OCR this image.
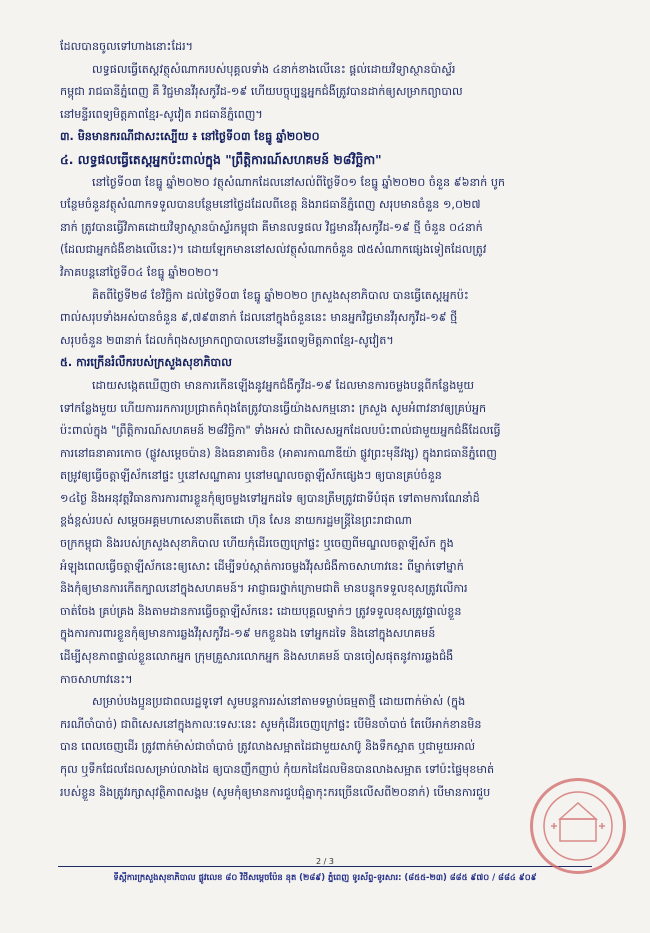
ដែលបានចូលទៅហាងនោះដែរ។
លទ្ធផលធ្វើតេស្តវត្ថុសំណាករបស់បុគ្គលទាំង ៤នាក់ខាងលើនេះ ផ្តល់ដោយវិទ្យាស្ថានប៉ាស្ទ័រ
កម្ពុជា រាជធានីភ្នំពេញ គឺ វិជ្ជមានវីរុសកូវីដ-១៩ ហើយបច្ចុប្បន្នអ្នកជំងឺត្រូវបានដាក់ឲ្យសម្រាកព្យាបាល
នៅមន្ទីរពេទ្យមិត្តភាពខ្មែរ-សូវៀត រាជធានីភ្នំពេញ។
៣. មិនមានករណីជាសះស្បើយ ៖ នៅថ្ងៃទី០៣ ខែធ្នូ ឆ្នាំ២០២០
៤. លទ្ធផលធ្វើតេស្តអ្នកប៉ះពាល់ក្នុង "ព្រឹត្តិការណ៍សហគមន៍ ២៨វិច្ឆិកា"
នៅថ្ងៃទី០៣ ខែធ្នូ ឆ្នាំ២០២០ វត្ថុសំណាកដែលនៅសល់ពីថ្ងៃទី០១ ខែធ្នូ ឆ្នាំ២០២០ ចំនួន ៩៦នាក់ បូក
បន្ថែមចំនួនវត្ថុសំណាកទទួលបានបន្ថែមនៅថ្ងៃដដែលពីខេត្ត និងរាជធានីភ្នំពេញ សរុបមានចំនួន ១,០២៧
នាក់ ត្រូវបានធ្វើវិភាគដោយវិទ្យាស្ថានប៉ាស្ទ័រកម្ពុជា គឺមានលទ្ធផល វិជ្ជមានវីរុសកូវីដ-១៩ ថ្មី ចំនួន ០៤នាក់
(ដែលជាអ្នកជំងឺខាងលើនេះ)។ ដោយឡែកមាននៅសល់វត្ថុសំណាកចំនួន ៧៥សំណាកផ្សេងទៀតដែលត្រូវ
វិភាគបន្តនៅថ្ងៃទី០៤ ខែធ្នូ ឆ្នាំ២០២០។
គិតពីថ្ងៃទី២៨ ខែវិច្ឆិកា ដល់ថ្ងៃទី០៣ ខែធ្នូ ឆ្នាំ២០២០ ក្រសួងសុខាភិបាល បានធ្វើតេស្តអ្នកប៉ះ
ពាល់សរុបទាំងអស់បានចំនួន ៩,៧៩៣នាក់ ដែលនៅក្នុងចំនួននេះ មានអ្នកវិជ្ជមានវីរុសកូវីដ-១៩ ថ្មី
សរុបចំនួន ២៣នាក់ ដែលកំពុងសម្រាកព្យាបាលនៅមន្ទីរពេទ្យមិត្តភាពខ្មែរ-សូវៀត។
៥. ការក្រើនរំលឹករបស់ក្រសួងសុខាភិបាល
ដោយសង្កេតឃើញថា មានការកើនឡើងនូវអ្នកជំងឺកូវីដ-១៩ ដែលមានការចម្លងបន្តពីកន្លែងមួយ
ទៅកន្លែងមួយ ហើយការរកការប្រជ្រាតកំពុងតែត្រូវបានធ្វើយ៉ាងសកម្មនោះ ក្រសួង សូមអំពាវនាវឲ្យគ្រប់អ្នក
ប៉ះពាល់ក្នុង "ព្រឹត្តិការណ៍សហគមន៍ ២៨វិច្ឆិកា" ទាំងអស់ ជាពិសេសអ្នកដែលបប៉ះពាល់ជាមួយអ្នកជំងឺដែលធ្វើ
ការនៅធនាគារកោច (ផ្លូវសម្តេចប៉ាន) និងធនាគារចិន (អាគារកាណាឌីយ៉ា ផ្លូវព្រះមុនីវង្ស) ក្នុងរាជធានីភ្នំពេញ
តម្រូវឲ្យធ្វើចត្តាឡីស័កនៅផ្ទះ ឬនៅសណ្ឋាគារ ឬនៅមណ្ឌលចត្តាឡីស័កផ្សេងៗ ឲ្យបានគ្រប់ចំនួន
១៤ថ្ងៃ និងអនុវត្តវិធានការការពារខ្លួនកុំឲ្យចម្លងទៅអ្នកដទៃ ឲ្យបានត្រឹមត្រូវជាទីបំផុត ទៅតាមការណែនាំដ៏
ខ្ពង់ខ្ពស់របស់ សម្តេចអគ្គមហាសេនាបតីតេជោ ហ៊ុន សែន នាយករដ្ឋមន្ត្រីនៃព្រះរាជាណា
ចក្រកម្ពុជា និងរបស់ក្រសួងសុខាភិបាល ហើយកុំដើរចេញក្រៅផ្ទះ ឬចេញពីមណ្ឌលចត្តាឡីស័ក ក្នុង
អំឡុងពេលធ្វើចត្តាឡីស័កនេះឲ្យសោះ ដើម្បីទប់ស្កាត់ការចម្លងវីរុសជំងឺកាចសាហាវនេះ ពីម្នាក់ទៅម្នាក់
និងកុំឲ្យមានការកើតក្បាលនៅក្នុងសហគមន៍។ អាជ្ញាធរថ្នាក់ក្រោមជាតិ មានបន្ទុកទទួលខុសត្រូវលើការ
ចាត់ចែង គ្រប់គ្រង និងតាមដានការធ្វើចត្តាឡីស័កនេះ ដោយបុគ្គលម្នាក់ៗ ត្រូវទទួលខុសត្រូវផ្ទាល់ខ្លួន
ក្នុងការការពារខ្លួនកុំឲ្យមានការឆ្លងវីរុសកូវីដ-១៩ មកខ្លួនឯង ទៅអ្នកដទៃ និងនៅក្នុងសហគមន៍
ដើម្បីសុខភាពផ្ទាល់ខ្លួនលោកអ្នក ក្រុមគ្រួសារលោកអ្នក និងសហគមន៍ បានចៀសផុតនូវការឆ្លងជំងឺ
កាចសាហាវនេះ។
សម្រាប់បងប្អូនប្រជាពលរដ្ឋទូទៅ សូមបន្តការរស់នៅតាមទម្លាប់ធម្មតាថ្មី ដោយពាក់ម៉ាស់ (ក្នុង
ករណីចាំបាច់) ជាពិសេសនៅក្នុងកាលៈទេសៈនេះ សូមកុំដើរចេញក្រៅផ្ទះ បើមិនចាំបាច់ តែបើអាក់ខានមិន
បាន ពេលចេញដើរ ត្រូវពាក់ម៉ាស់ជាចាំបាច់ ត្រូវលាងសម្អាតដៃជាមួយសាប៊ូ និងទឹកស្អាត ឬជាមួយអាល់
កុល ឬទឹកជែលដែលសម្រាប់លាងដៃ ឲ្យបានញឹកញាប់ កុំយកដៃដែលមិនបានលាងសម្អាត ទៅប៉ះផ្ទៃមុខមាត់
របស់ខ្លួន និងត្រូវរក្សាសុវត្ថិភាពសង្គម (សូមកុំឲ្យមានការជួបជុំគ្នាកុះករច្រើនលើសពី២០នាក់) បើមានការជួប
2 / 3
ទីស្តីការក្រសួងសុខាភិបាល ផ្លូវលេខ ៨០ វិថីសម្តេចប៉ែន នុត (២៨៩) ភ្នំពេញ ទូរស័ព្ទ-ទូរសារ: (៨៥៥-២៣) ៨៨៥ ៩៧០ / ៨៨៤ ៩០៩
